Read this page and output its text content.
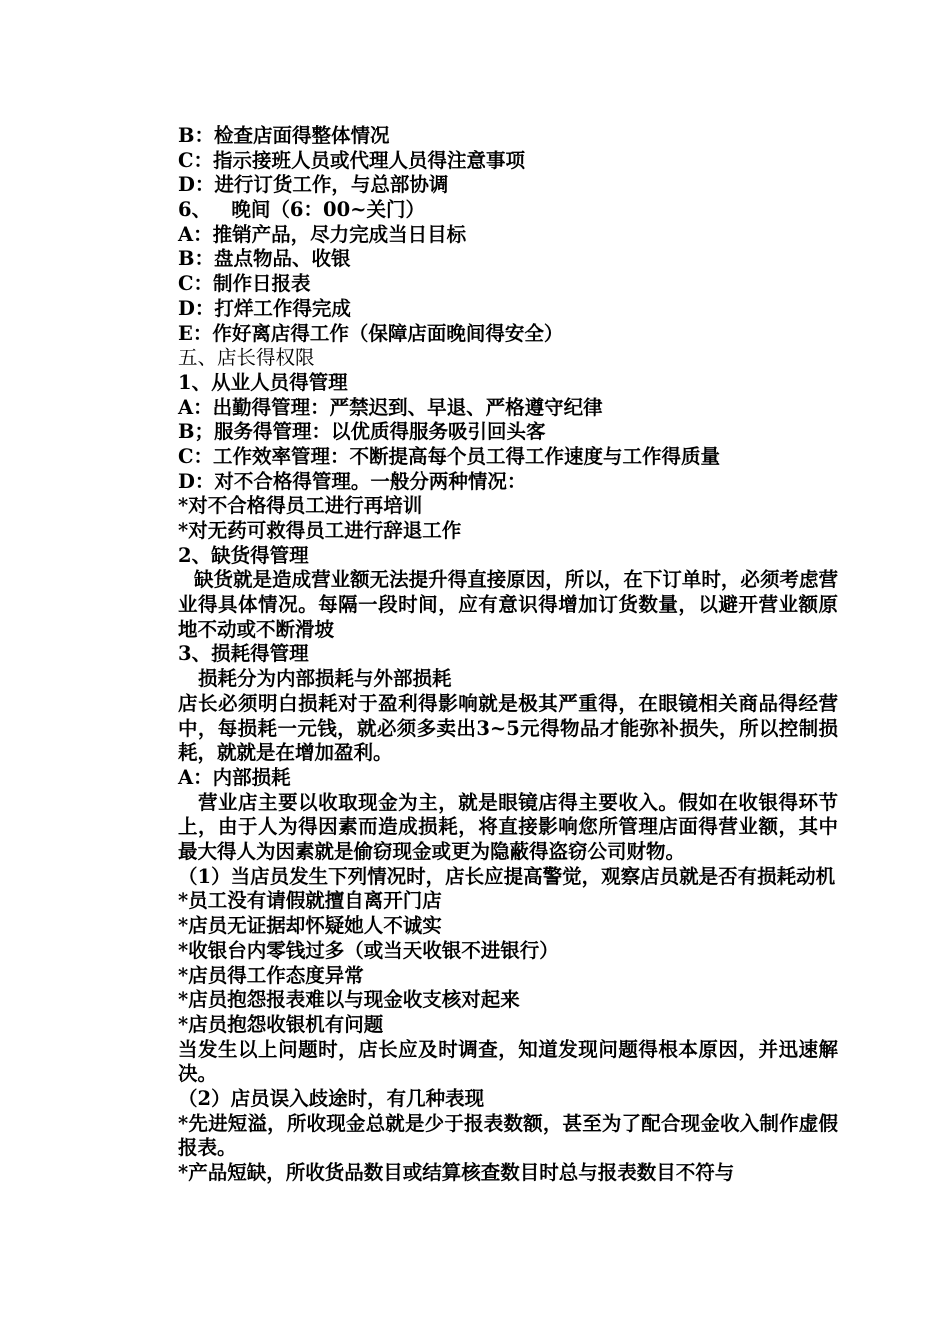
B：检查店面得整体情况
C：指示接班人员或代理人员得注意事项
D：进行订货工作，与总部协调
6、   晚间（6：00~关门）
A：推销产品，尽力完成当日目标
B：盘点物品、收银
C：制作日报表
D：打烊工作得完成
E：作好离店得工作（保障店面晚间得安全）
五、店长得权限
1、从业人员得管理
A：出勤得管理：严禁迟到、早退、严格遵守纪律
B；服务得管理：以优质得服务吸引回头客
C：工作效率管理：不断提高每个员工得工作速度与工作得质量
D：对不合格得管理。一般分两种情况：
*对不合格得员工进行再培训
*对无药可救得员工进行辞退工作
2、缺货得管理
缺货就是造成营业额无法提升得直接原因，所以，在下订单时，必须考虑营业得具体情况。每隔一段时间，应有意识得增加订货数量，以避开营业额原地不动或不断滑坡
3、损耗得管理
损耗分为内部损耗与外部损耗
店长必须明白损耗对于盈利得影响就是极其严重得，在眼镜相关商品得经营中，每损耗一元钱，就必须多卖出3~5元得物品才能弥补损失，所以控制损耗，就就是在增加盈利。
A：内部损耗
营业店主要以收取现金为主，就是眼镜店得主要收入。假如在收银得环节上，由于人为得因素而造成损耗，将直接影响您所管理店面得营业额，其中最大得人为因素就是偷窃现金或更为隐蔽得盗窃公司财物。
（1）当店员发生下列情况时，店长应提高警觉，观察店员就是否有损耗动机
*员工没有请假就擅自离开门店
*店员无证据却怀疑她人不诚实
*收银台内零钱过多（或当天收银不进银行）
*店员得工作态度异常
*店员抱怨报表难以与现金收支核对起来
*店员抱怨收银机有问题
当发生以上问题时，店长应及时调查，知道发现问题得根本原因，并迅速解决。
（2）店员误入歧途时，有几种表现
*先进短溢，所收现金总就是少于报表数额，甚至为了配合现金收入制作虚假报表。
*产品短缺，所收货品数目或结算核查数目时总与报表数目不符与
